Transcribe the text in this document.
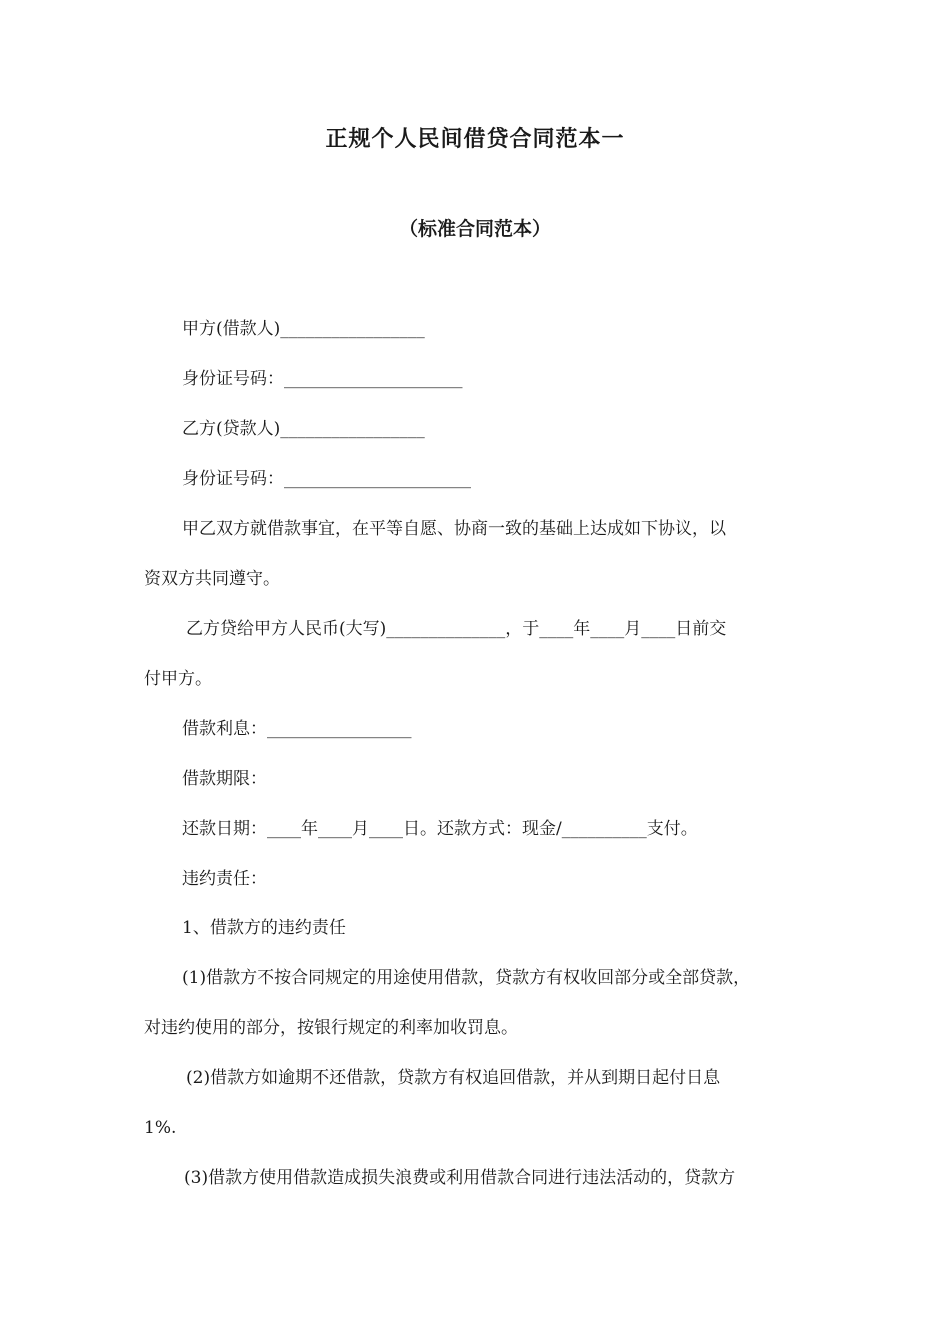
正规个人民间借贷合同范本一
（标准合同范本）
甲方(借款人)_________________
身份证号码：_____________________
乙方(贷款人)_________________
身份证号码：______________________
甲乙双方就借款事宜，在平等自愿、协商一致的基础上达成如下协议，以
资双方共同遵守。
乙方贷给甲方人民币(大写)______________，于____年____月____日前交
付甲方。
借款利息：_________________
借款期限：
还款日期：____年____月____日。还款方式：现金/__________支付。
违约责任：
1、借款方的违约责任
(1)借款方不按合同规定的用途使用借款，贷款方有权收回部分或全部贷款，
对违约使用的部分，按银行规定的利率加收罚息。
(2)借款方如逾期不还借款，贷款方有权追回借款，并从到期日起付日息
1%.
(3)借款方使用借款造成损失浪费或利用借款合同进行违法活动的，贷款方
